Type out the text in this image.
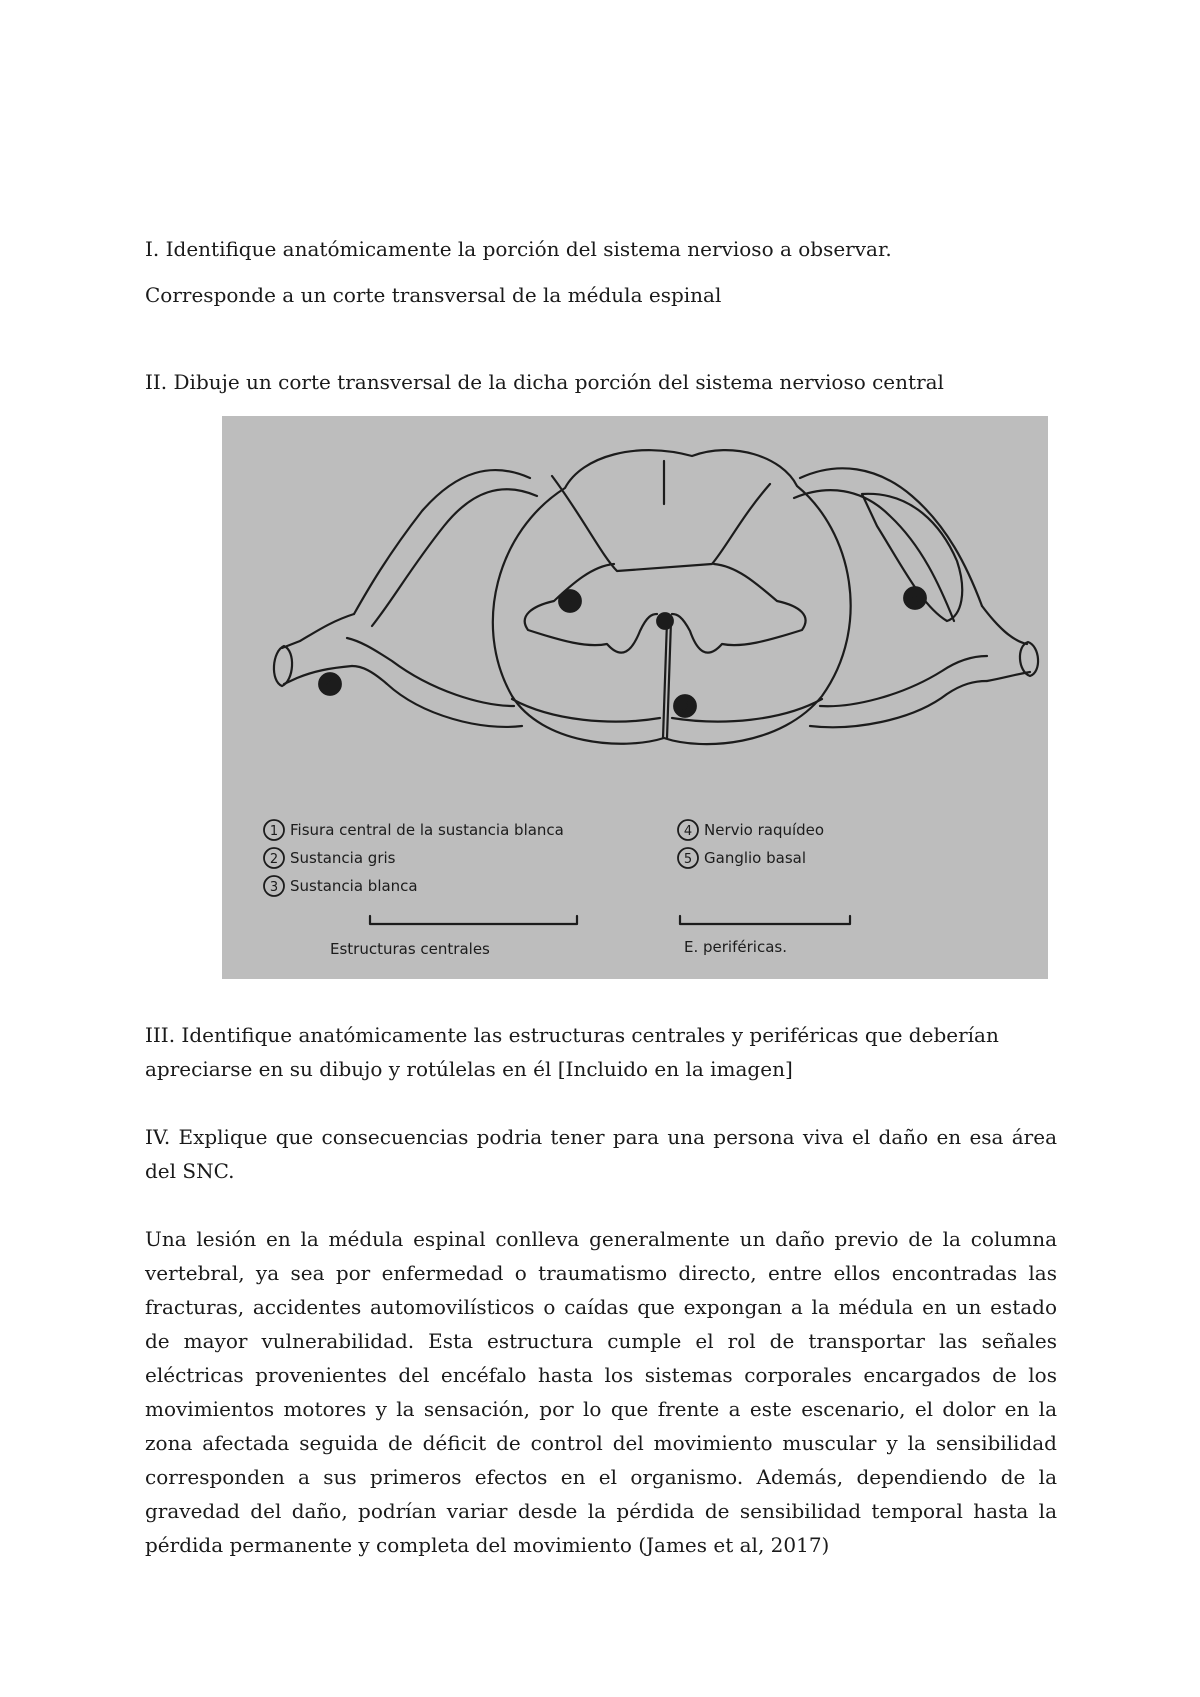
I. Identifique anatómicamente la porción del sistema nervioso a observar.
Corresponde a un corte transversal de la médula espinal
II. Dibuje un corte transversal de la dicha porción del sistema nervioso central
1
2
3
4
5
1
2
3
4
5
Fisura central de la sustancia blanca
Sustancia gris
Sustancia blanca
Nervio raquídeo
Ganglio basal
Estructuras centrales	E. periféricas.
III. Identifique anatómicamente las estructuras centrales y periféricas que deberían apreciarse en su dibujo y rotúlelas en él [Incluido en la imagen]
IV. Explique que consecuencias podria tener para una persona viva el daño en esa área del SNC.
Una lesión en la médula espinal conlleva generalmente un daño previo de la columna vertebral, ya sea por enfermedad o traumatismo directo, entre ellos encontradas las fracturas, accidentes automovilísticos o caídas que expongan a la médula en un estado de mayor vulnerabilidad. Esta estructura cumple el rol de transportar las señales eléctricas provenientes del encéfalo hasta los sistemas corporales encargados de los movimientos motores y la sensación, por lo que frente a este escenario, el dolor en la zona afectada seguida de déficit de control del movimiento muscular y la sensibilidad corresponden a sus primeros efectos en el organismo. Además, dependiendo de la gravedad del daño, podrían variar desde la pérdida de sensibilidad temporal hasta la pérdida permanente y completa del movimiento (James et al, 2017)
